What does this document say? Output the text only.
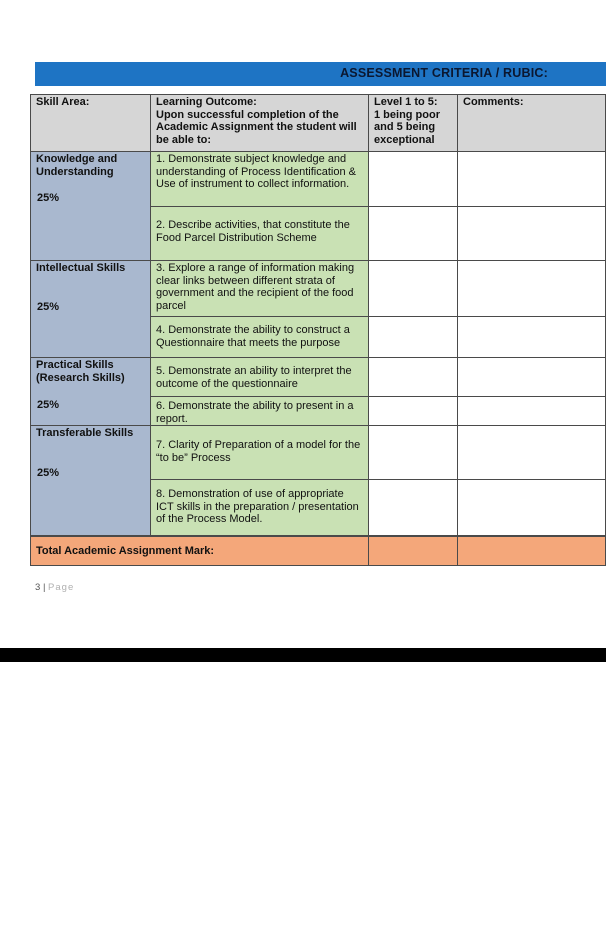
ASSESSMENT CRITERIA / RUBIC:
Skill Area:	Learning Outcome:
Upon successful completion of the Academic Assignment the student will be able to:
Level 1 to 5:
1 being poor and 5 being exceptional
Comments:
Knowledge and Understanding
25%
Intellectual Skills
25%
Practical Skills (Research Skills)
25%
Transferable Skills
25%
1. Demonstrate subject knowledge and understanding of Process Identification & Use of instrument to collect information.
2. Describe activities, that constitute the Food Parcel Distribution Scheme
3. Explore a range of information making clear links between different strata of government and the recipient of the food parcel
4. Demonstrate the ability to construct a Questionnaire that meets the purpose
5. Demonstrate an ability to interpret the outcome of the questionnaire
6. Demonstrate the ability to present in a report.
7. Clarity of Preparation of a model for the “to be” Process
8. Demonstration of use of appropriate ICT skills in the preparation / presentation of the Process Model.
Total Academic Assignment Mark:
3 | Page
